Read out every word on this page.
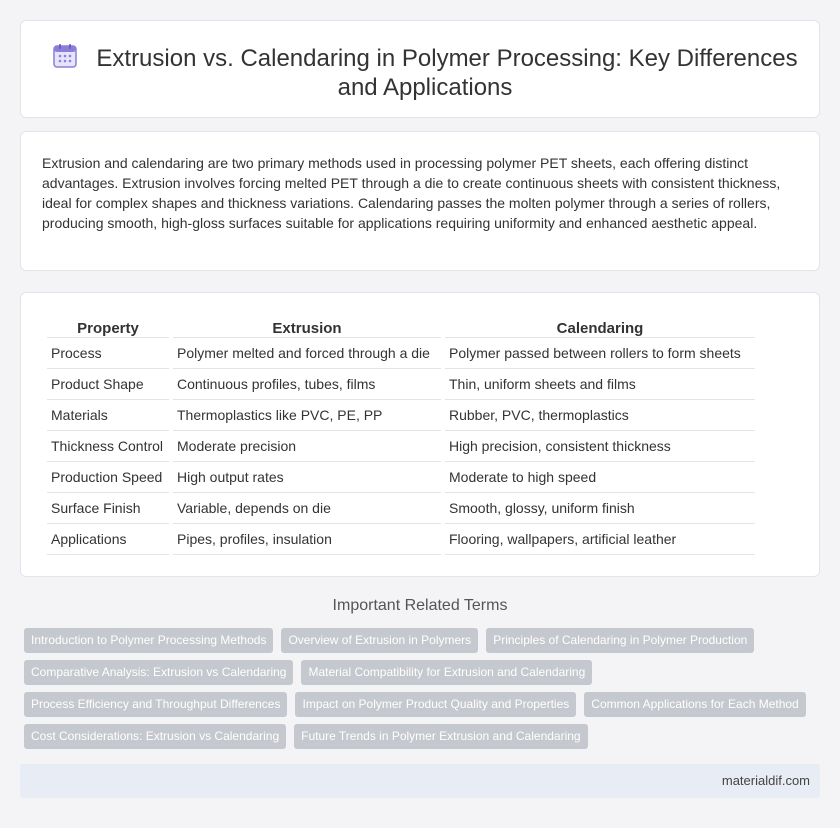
Extrusion vs. Calendaring in Polymer Processing: Key Differences and Applications

Extrusion and calendaring are two primary methods used in processing polymer PET sheets, each offering distinct advantages. Extrusion involves forcing melted PET through a die to create continuous sheets with consistent thickness, ideal for complex shapes and thickness variations. Calendaring passes the molten polymer through a series of rollers, producing smooth, high-gloss surfaces suitable for applications requiring uniformity and enhanced aesthetic appeal.

Property	Extrusion	Calendaring
Process	Polymer melted and forced through a die	Polymer passed between rollers to form sheets
Product Shape	Continuous profiles, tubes, films	Thin, uniform sheets and films
Materials	Thermoplastics like PVC, PE, PP	Rubber, PVC, thermoplastics
Thickness Control	Moderate precision	High precision, consistent thickness
Production Speed	High output rates	Moderate to high speed
Surface Finish	Variable, depends on die	Smooth, glossy, uniform finish
Applications	Pipes, profiles, insulation	Flooring, wallpapers, artificial leather
Important Related Terms
Introduction to Polymer Processing Methods Overview of Extrusion in Polymers Principles of Calendaring in Polymer Production
Comparative Analysis: Extrusion vs Calendaring Material Compatibility for Extrusion and Calendaring
Process Efficiency and Throughput Differences Impact on Polymer Product Quality and Properties Common Applications for Each Method
Cost Considerations: Extrusion vs Calendaring Future Trends in Polymer Extrusion and Calendaring
materialdif.com
